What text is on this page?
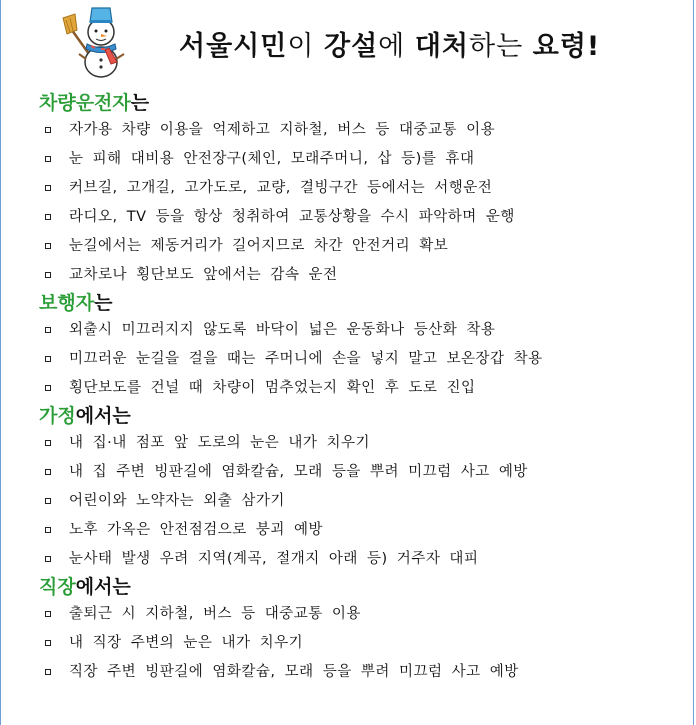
서울시민이 강설에 대처하는 요령!
차량운전자는
자가용 차량 이용을 억제하고 지하철, 버스 등 대중교통 이용
눈 피해 대비용 안전장구(체인, 모래주머니, 삽 등)를 휴대
커브길, 고개길, 고가도로, 교량, 결빙구간 등에서는 서행운전
라디오, TV 등을 항상 청취하여 교통상황을 수시 파악하며 운행
눈길에서는 제동거리가 길어지므로 차간 안전거리 확보
교차로나 횡단보도 앞에서는 감속 운전
보행자는
외출시 미끄러지지 않도록 바닥이 넓은 운동화나 등산화 착용
미끄러운 눈길을 걸을 때는 주머니에 손을 넣지 말고 보온장갑 착용
횡단보도를 건널 때 차량이 멈추었는지 확인 후 도로 진입
가정에서는
내 집·내 점포 앞 도로의 눈은 내가 치우기
내 집 주변 빙판길에 염화칼슘, 모래 등을 뿌려 미끄럼 사고 예방
어린이와 노약자는 외출 삼가기
노후 가옥은 안전점검으로 붕괴 예방
눈사태 발생 우려 지역(계곡, 절개지 아래 등) 거주자 대피
직장에서는
출퇴근 시 지하철, 버스 등 대중교통 이용
내 직장 주변의 눈은 내가 치우기
직장 주변 빙판길에 염화칼슘, 모래 등을 뿌려 미끄럼 사고 예방
